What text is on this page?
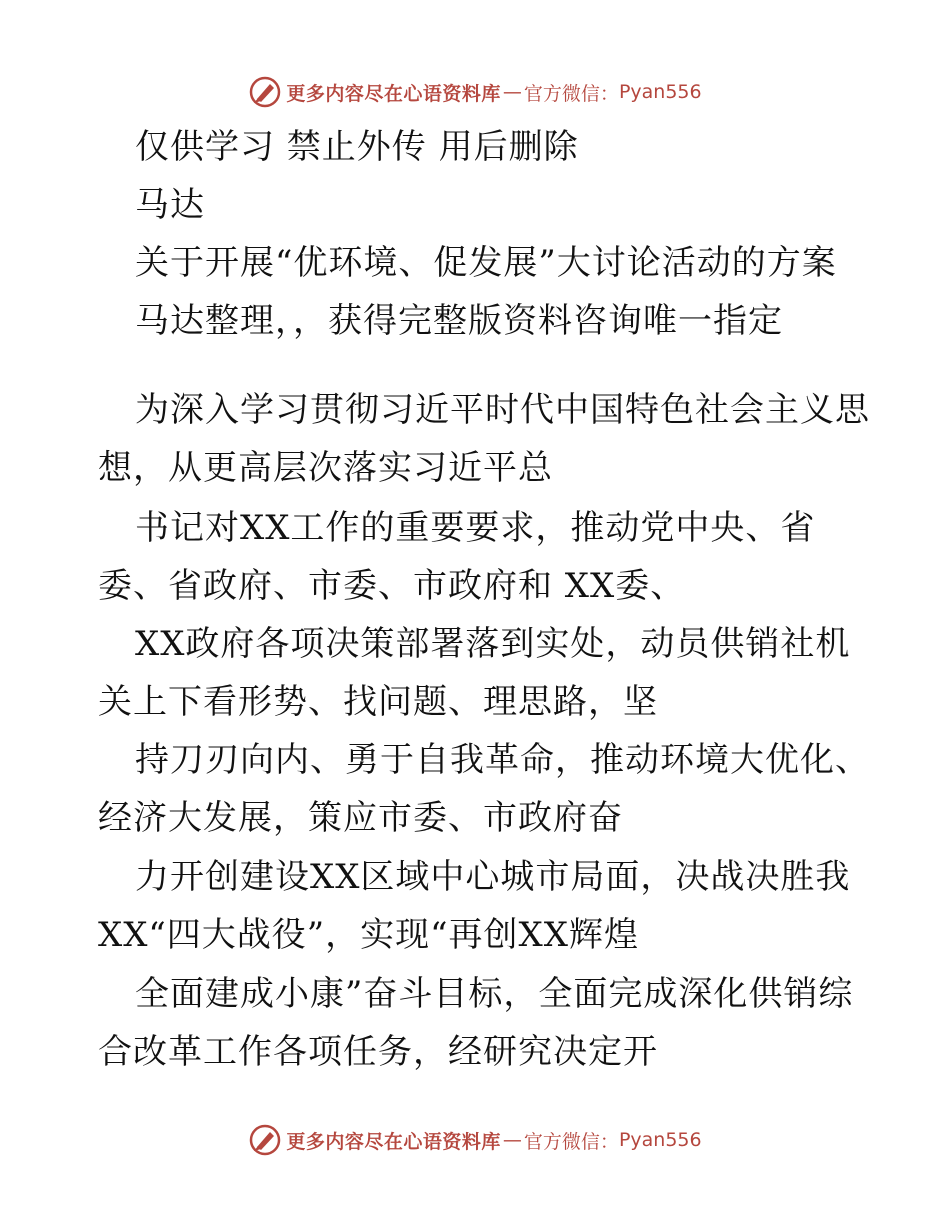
更多内容尽在心语资料库 — 官方微信： Pyan556
仅供学习 禁止外传 用后删除
马达
关于开展“优环境、促发展”大讨论活动的方案
马达整理，，获得完整版资料咨询唯一指定
为深入学习贯彻习近平时代中国特色社会主义思
想，从更高层次落实习近平总
书记对XX工作的重要要求，推动党中央、省
委、省政府、市委、市政府和 XX委、
XX政府各项决策部署落到实处，动员供销社机
关上下看形势、找问题、理思路，坚
持刀刃向内、勇于自我革命，推动环境大优化、
经济大发展，策应市委、市政府奋
力开创建设XX区域中心城市局面，决战决胜我
XX“四大战役”，实现“再创XX辉煌
全面建成小康”奋斗目标，全面完成深化供销综
合改革工作各项任务，经研究决定开
更多内容尽在心语资料库 — 官方微信： Pyan556
